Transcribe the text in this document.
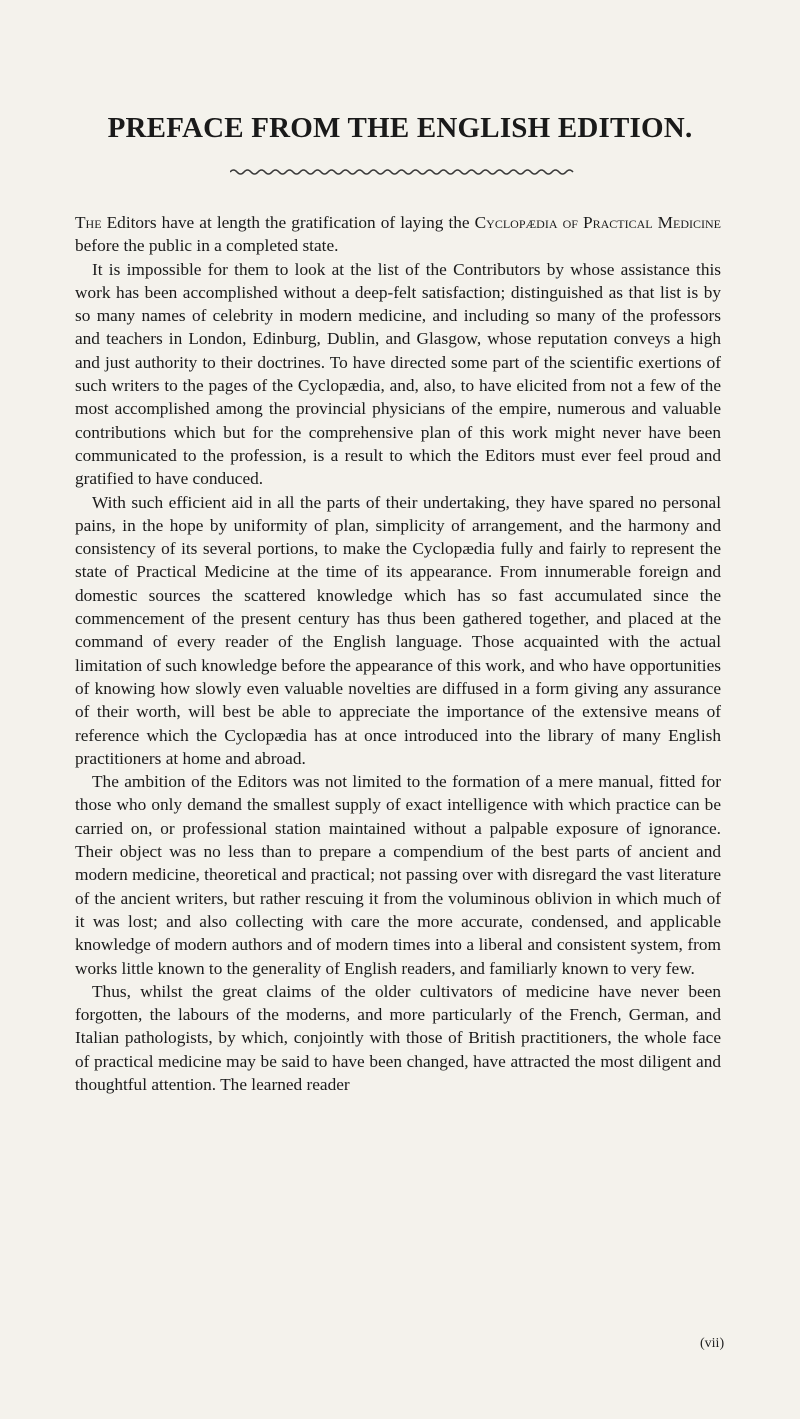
PREFACE FROM THE ENGLISH EDITION.

The Editors have at length the gratification of laying the Cyclopædia of Practical Medicine before the public in a completed state.

It is impossible for them to look at the list of the Contributors by whose assistance this work has been accomplished without a deep-felt satisfaction; distinguished as that list is by so many names of celebrity in modern medicine, and including so many of the professors and teachers in London, Edinburg, Dublin, and Glasgow, whose reputation conveys a high and just authority to their doctrines. To have directed some part of the scientific exertions of such writers to the pages of the Cyclopædia, and, also, to have elicited from not a few of the most accomplished among the provincial physicians of the empire, numerous and valuable contributions which but for the comprehensive plan of this work might never have been communicated to the profession, is a result to which the Editors must ever feel proud and gratified to have conduced.

With such efficient aid in all the parts of their undertaking, they have spared no personal pains, in the hope by uniformity of plan, simplicity of arrangement, and the harmony and consistency of its several portions, to make the Cyclopædia fully and fairly to represent the state of Practical Medicine at the time of its appearance. From innumerable foreign and domestic sources the scattered knowledge which has so fast accumulated since the commencement of the present century has thus been gathered together, and placed at the command of every reader of the English language. Those acquainted with the actual limitation of such knowledge before the appearance of this work, and who have opportunities of knowing how slowly even valuable novelties are diffused in a form giving any assurance of their worth, will best be able to appreciate the importance of the extensive means of reference which the Cyclopædia has at once introduced into the library of many English practitioners at home and abroad.

The ambition of the Editors was not limited to the formation of a mere manual, fitted for those who only demand the smallest supply of exact intelligence with which practice can be carried on, or professional station maintained without a palpable exposure of ignorance. Their object was no less than to prepare a compendium of the best parts of ancient and modern medicine, theoretical and practical; not passing over with disregard the vast literature of the ancient writers, but rather rescuing it from the voluminous oblivion in which much of it was lost; and also collecting with care the more accurate, condensed, and applicable knowledge of modern authors and of modern times into a liberal and consistent system, from works little known to the generality of English readers, and familiarly known to very few.

Thus, whilst the great claims of the older cultivators of medicine have never been forgotten, the labours of the moderns, and more particularly of the French, German, and Italian pathologists, by which, conjointly with those of British practitioners, the whole face of practical medicine may be said to have been changed, have attracted the most diligent and thoughtful attention. The learned reader

(vii)
